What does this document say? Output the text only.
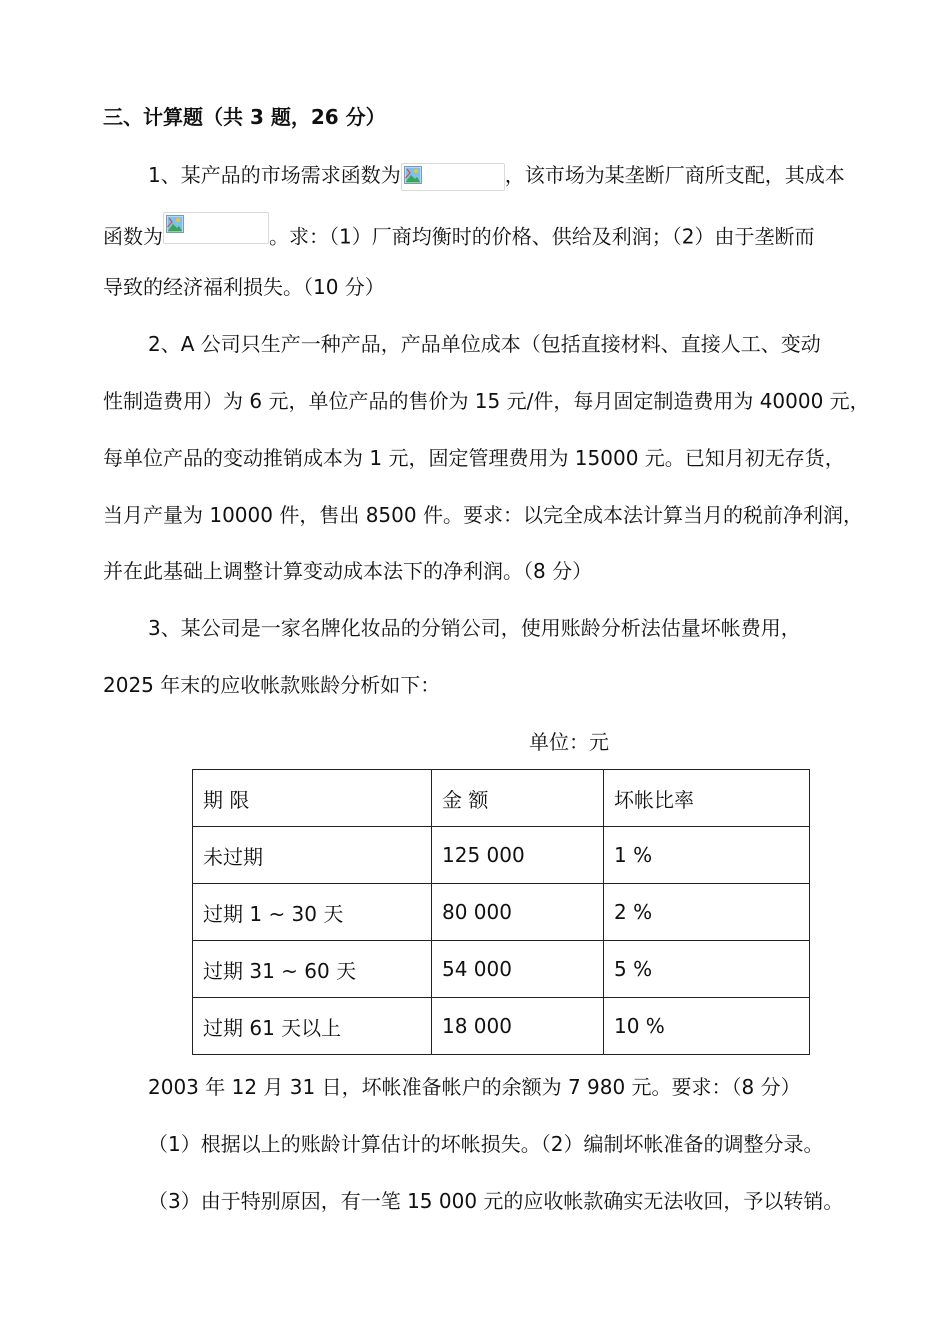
三、计算题（共 3 题，26 分）
1、某产品的市场需求函数为	，该市场为某垄断厂商所支配，其成本
函数为	。求：（1）厂商均衡时的价格、供给及利润；（2）由于垄断而
导致的经济福利损失。（10 分）
2、A 公司只生产一种产品，产品单位成本（包括直接材料、直接人工、变动
性制造费用）为 6 元，单位产品的售价为 15 元/件，每月固定制造费用为 40000 元，
每单位产品的变动推销成本为 1 元，固定管理费用为 15000 元。已知月初无存货，
当月产量为 10000 件，售出 8500 件。要求：以完全成本法计算当月的税前净利润，
并在此基础上调整计算变动成本法下的净利润。（8 分）
3、某公司是一家名牌化妆品的分销公司，使用账龄分析法估量坏帐费用，
2025 年末的应收帐款账龄分析如下：
单位：元
期 限	金 额	坏帐比率
未过期	125 000	1 %
过期 1 ~ 30 天	80 000	2 %
过期 31 ~ 60 天	54 000	5 %
过期 61 天以上	18 000	10 %
2003 年 12 月 31 日，坏帐准备帐户的余额为 7 980 元。要求：（8 分）
（1）根据以上的账龄计算估计的坏帐损失。（2）编制坏帐准备的调整分录。
（3）由于特别原因，有一笔 15 000 元的应收帐款确实无法收回，予以转销。
